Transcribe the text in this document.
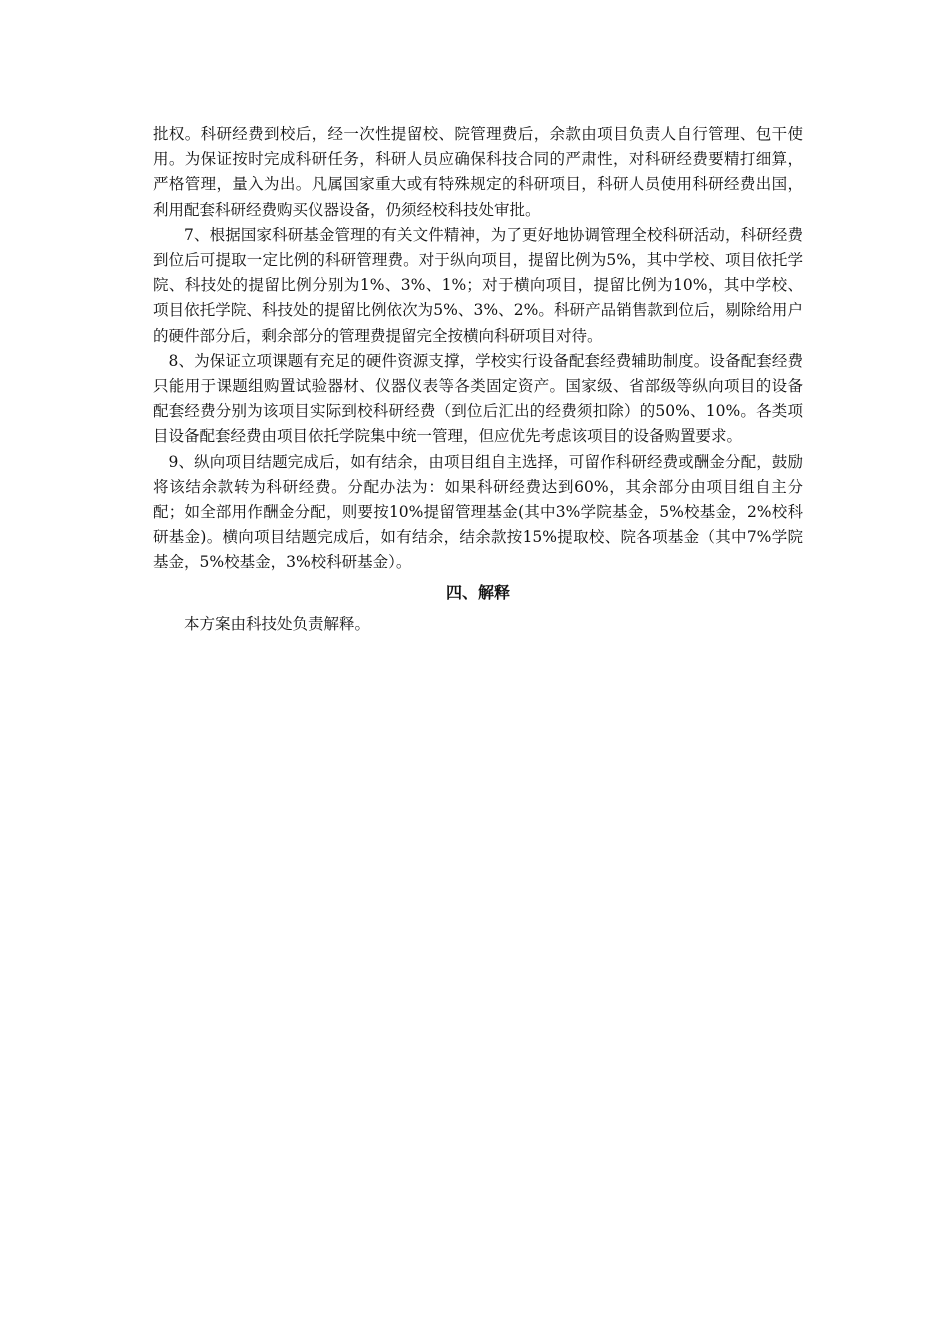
批权。科研经费到校后，经一次性提留校、院管理费后，余款由项目负责人自行管理、包干使用。为保证按时完成科研任务，科研人员应确保科技合同的严肃性，对科研经费要精打细算，严格管理，量入为出。凡属国家重大或有特殊规定的科研项目，科研人员使用科研经费出国，利用配套科研经费购买仪器设备，仍须经校科技处审批。

7、根据国家科研基金管理的有关文件精神，为了更好地协调管理全校科研活动，科研经费到位后可提取一定比例的科研管理费。对于纵向项目，提留比例为5%，其中学校、项目依托学院、科技处的提留比例分别为1%、3%、1%；对于横向项目，提留比例为10%，其中学校、项目依托学院、科技处的提留比例依次为5%、3%、2%。科研产品销售款到位后，剔除给用户的硬件部分后，剩余部分的管理费提留完全按横向科研项目对待。

8、为保证立项课题有充足的硬件资源支撑，学校实行设备配套经费辅助制度。设备配套经费只能用于课题组购置试验器材、仪器仪表等各类固定资产。国家级、省部级等纵向项目的设备配套经费分别为该项目实际到校科研经费（到位后汇出的经费须扣除）的50%、10%。各类项目设备配套经费由项目依托学院集中统一管理，但应优先考虑该项目的设备购置要求。

9、纵向项目结题完成后，如有结余，由项目组自主选择，可留作科研经费或酬金分配，鼓励将该结余款转为科研经费。分配办法为：如果科研经费达到60%，其余部分由项目组自主分配；如全部用作酬金分配，则要按10%提留管理基金(其中3%学院基金，5%校基金，2%校科研基金)。横向项目结题完成后，如有结余，结余款按15%提取校、院各项基金（其中7%学院基金，5%校基金，3%校科研基金）。

四、解释

本方案由科技处负责解释。
